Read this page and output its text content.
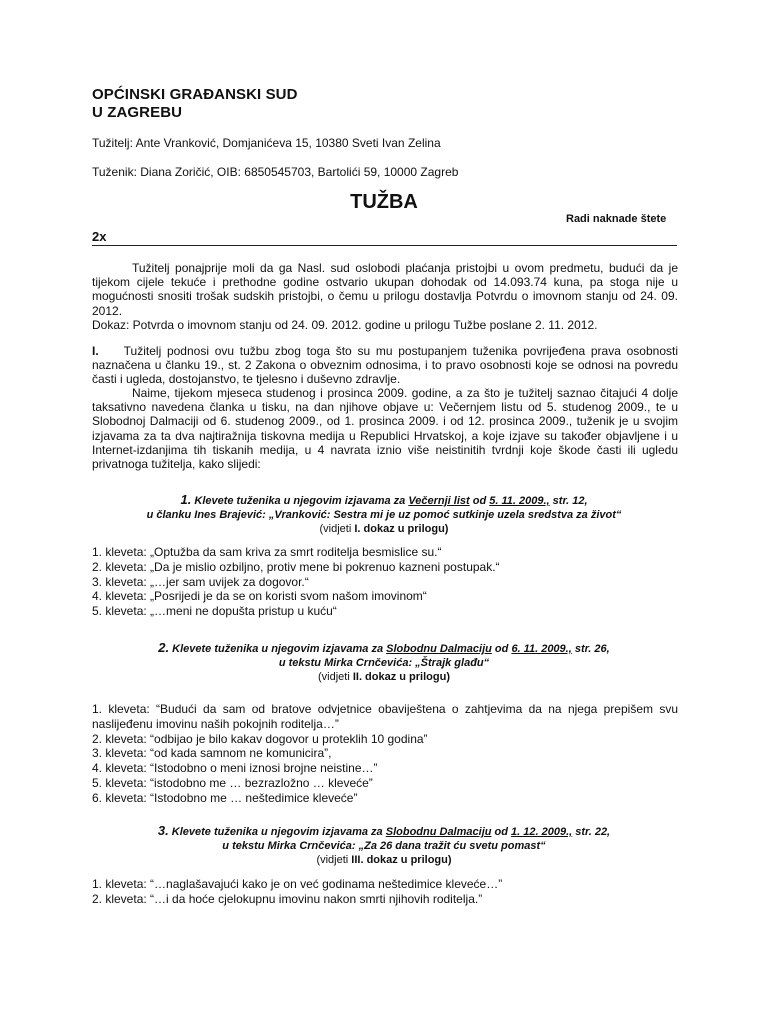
OPĆINSKI GRAĐANSKI SUD
U ZAGREBU
Tužitelj: Ante Vranković, Domjanićeva 15, 10380 Sveti Ivan Zelina
Tuženik: Diana Zoričić, OIB: 6850545703, Bartolići 59, 10000 Zagreb
TUŽBA
Radi naknade štete
2x
Tužitelj ponajprije moli da ga Nasl. sud oslobodi plaćanja pristojbi u ovom predmetu, budući da je tijekom cijele tekuće i prethodne godine ostvario ukupan dohodak od 14.093.74 kuna, pa stoga nije u mogućnosti snositi trošak sudskih pristojbi, o čemu u prilogu dostavlja Potvrdu o imovnom stanju od 24. 09. 2012.
Dokaz: Potvrda o imovnom stanju od 24. 09. 2012. godine u prilogu Tužbe poslane 2. 11. 2012.
I. Tužitelj podnosi ovu tužbu zbog toga što su mu postupanjem tuženika povrijeđena prava osobnosti naznačena u članku 19., st. 2 Zakona o obveznim odnosima, i to pravo osobnosti koje se odnosi na povredu časti i ugleda, dostojanstvo, te tjelesno i duševno zdravlje.
Naime, tijekom mjeseca studenog i prosinca 2009. godine, a za što je tužitelj saznao čitajući 4 dolje taksativno navedena članka u tisku, na dan njihove objave u: Večernjem listu od 5. studenog 2009., te u Slobodnoj Dalmaciji od 6. studenog 2009., od 1. prosinca 2009. i od 12. prosinca 2009., tuženik je u svojim izjavama za ta dva najtiražnija tiskovna medija u Republici Hrvatskoj, a koje izjave su također objavljene i u Internet-izdanjima tih tiskanih medija, u 4 navrata iznio više neistinitih tvrdnji koje škode časti ili ugledu privatnoga tužitelja, kako slijedi:
1. Klevete tuženika u njegovim izjavama za Večernji list od 5. 11. 2009., str. 12,
u članku Ines Brajević: „Vranković: Sestra mi je uz pomoć sutkinje uzela sredstva za život“
(vidjeti I. dokaz u prilogu)
1. kleveta: „Optužba da sam kriva za smrt roditelja besmislice su.“
2. kleveta: „Da je mislio ozbiljno, protiv mene bi pokrenuo kazneni postupak.“
3. kleveta: „…jer sam uvijek za dogovor.“
4. kleveta: „Posrijedi je da se on koristi svom našom imovinom“
5. kleveta: „…meni ne dopušta pristup u kuću“
2. Klevete tuženika u njegovim izjavama za Slobodnu Dalmaciju od 6. 11. 2009., str. 26,
u tekstu Mirka Crnčevića: „Štrajk glađu“
(vidjeti II. dokaz u prilogu)
1. kleveta: “Budući da sam od bratove odvjetnice obaviještena o zahtjevima da na njega prepišem svu naslijeđenu imovinu naših pokojnih roditelja…”
2. kleveta: “odbijao je bilo kakav dogovor u proteklih 10 godina”
3. kleveta: “od kada samnom ne komunicira”,
4. kleveta: “Istodobno o meni iznosi brojne neistine…”
5. kleveta: “istodobno me … bezrazložno … kleveće”
6. kleveta: “Istodobno me … neštedimice kleveće”
3. Klevete tuženika u njegovim izjavama za Slobodnu Dalmaciju od 1. 12. 2009., str. 22,
u tekstu Mirka Crnčevića: „Za 26 dana tražit ću svetu pomast“
(vidjeti III. dokaz u prilogu)
1. kleveta: “…naglašavajući kako je on već godinama neštedimice kleveće…”
2. kleveta: “…i da hoće cjelokupnu imovinu nakon smrti njihovih roditelja.”
